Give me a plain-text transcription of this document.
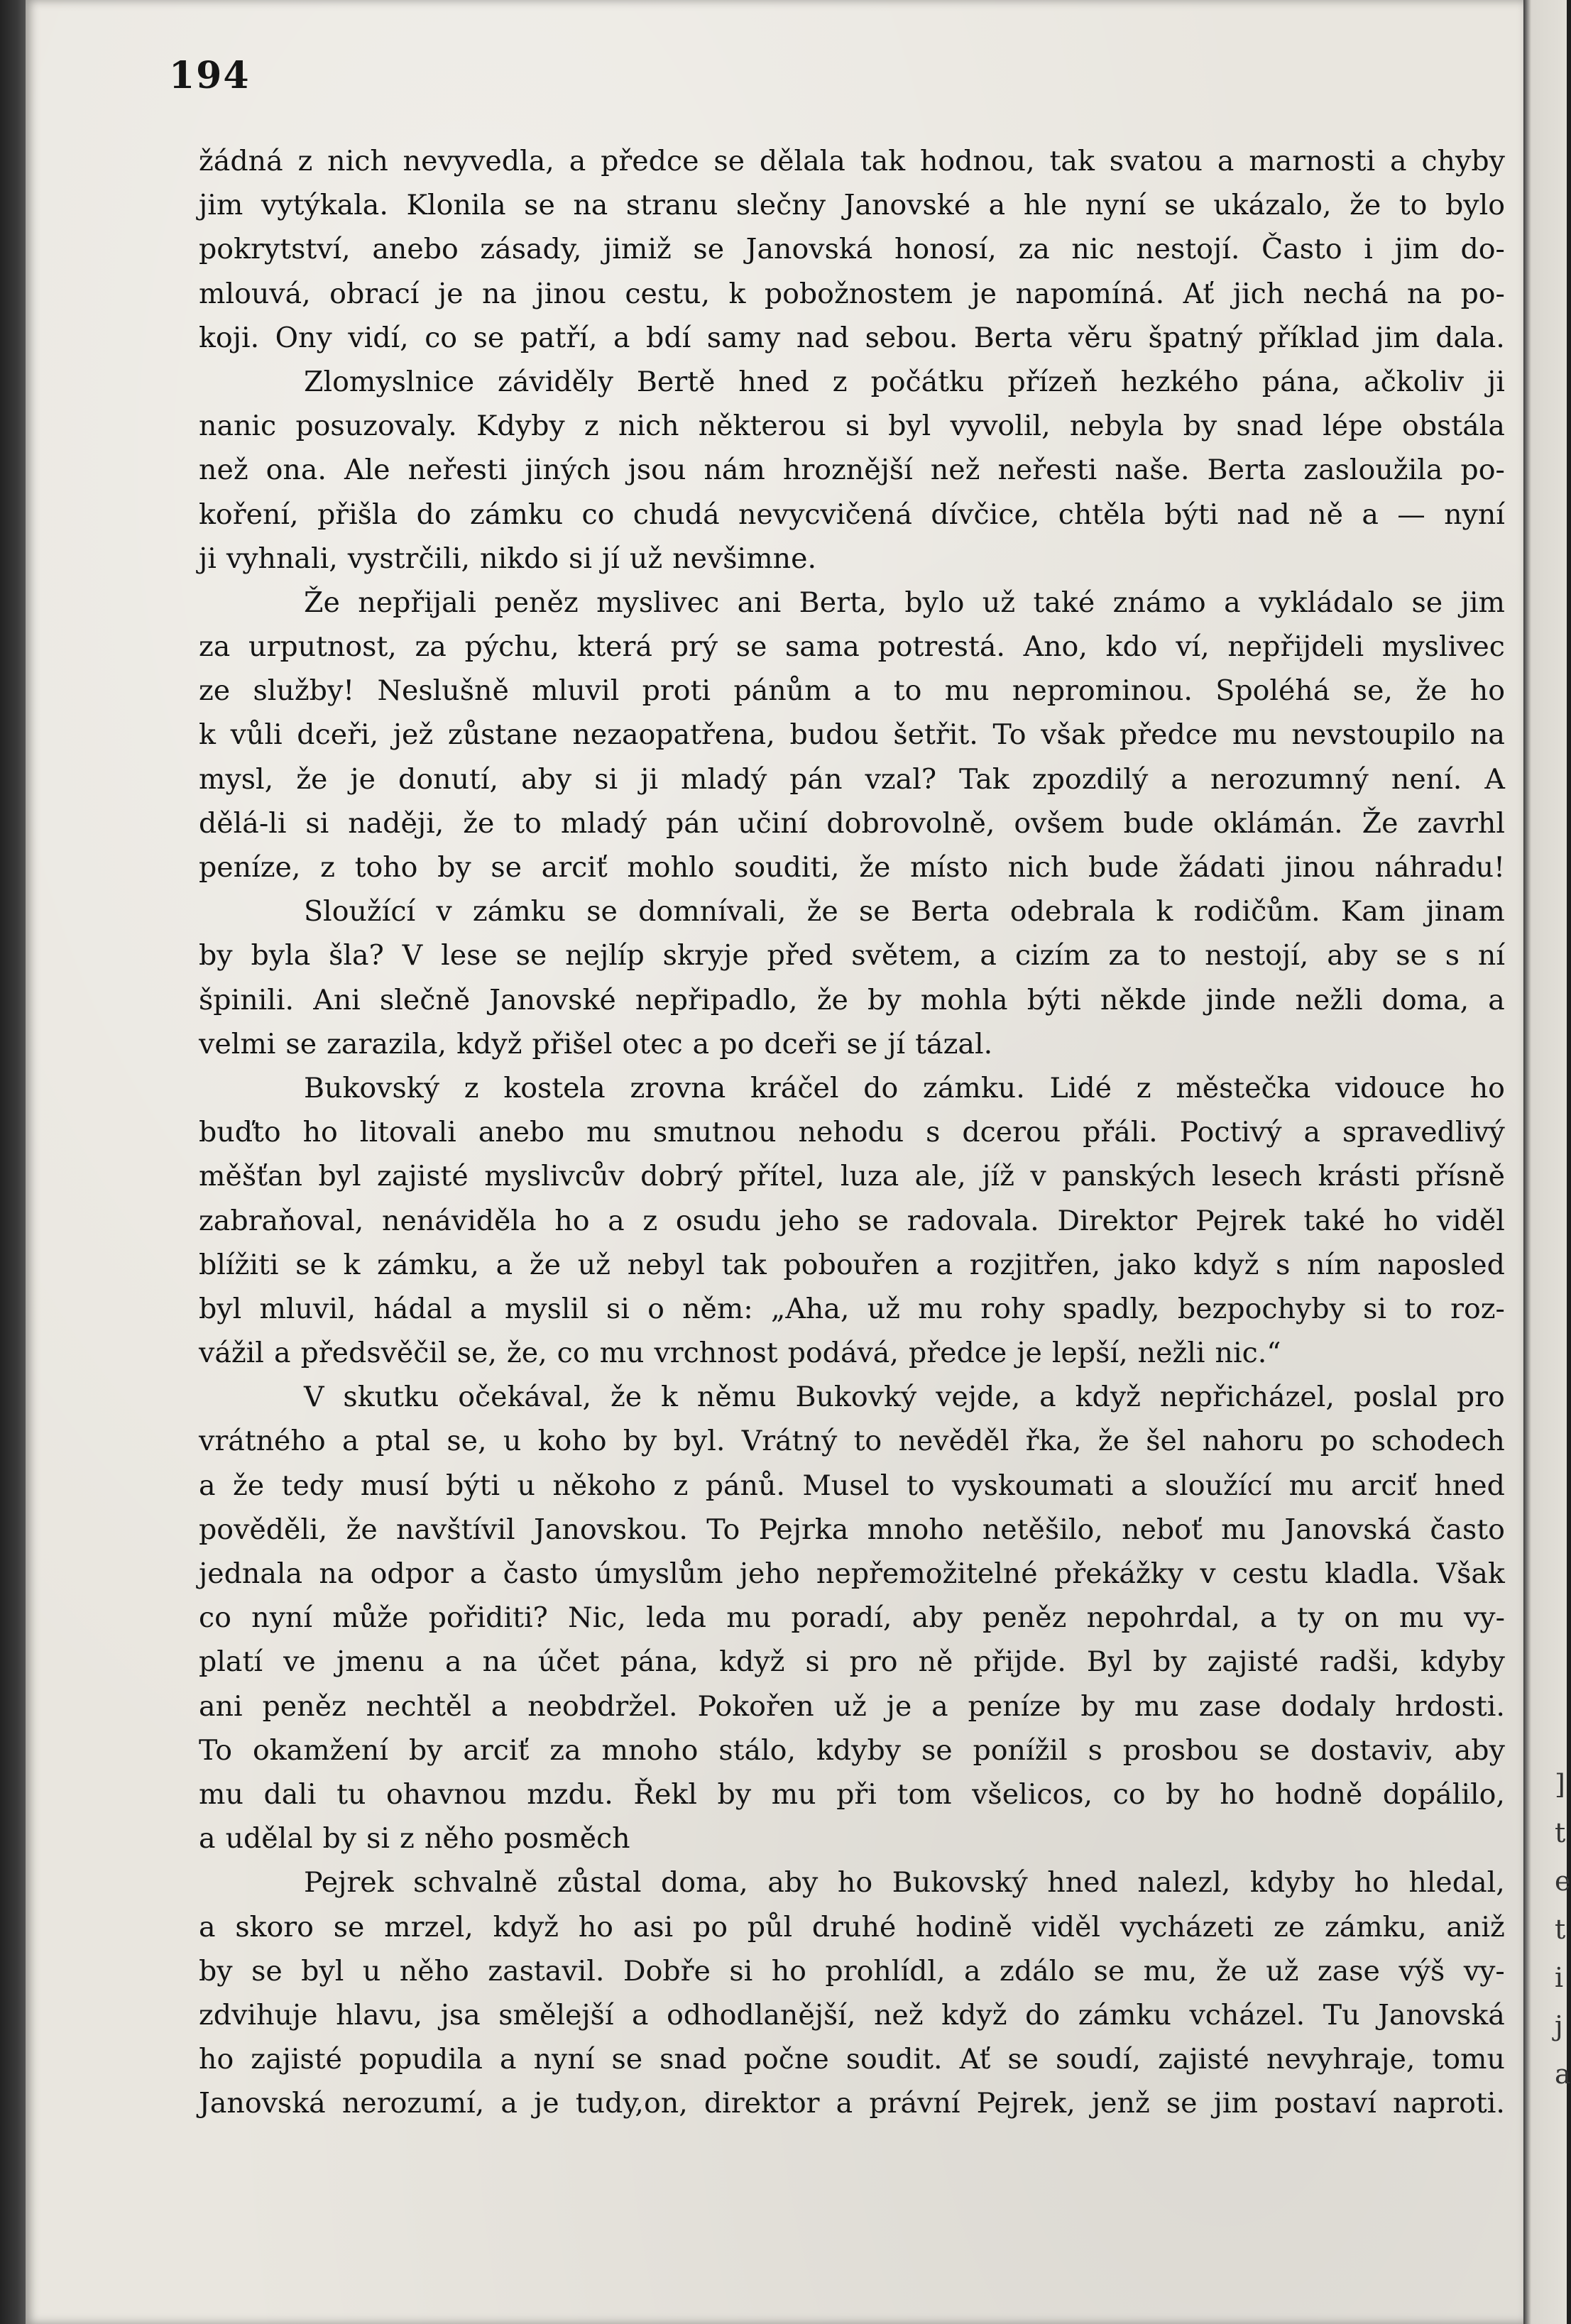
194
žádná z nich nevyvedla, a předce se dělala tak hodnou, tak svatou a marnosti a chyby
jim vytýkala. Klonila se na stranu slečny Janovské a hle nyní se ukázalo, že to bylo
pokrytství, anebo zásady, jimiž se Janovská honosí, za nic nestojí. Často i jim do-
mlouvá, obrací je na jinou cestu, k pobožnostem je napomíná. Ať jich nechá na po-
koji. Ony vidí, co se patří, a bdí samy nad sebou. Berta věru špatný příklad jim dala.
Zlomyslnice záviděly Bertě hned z počátku přízeň hezkého pána, ačkoliv ji
nanic posuzovaly. Kdyby z nich některou si byl vyvolil, nebyla by snad lépe obstála
než ona. Ale neřesti jiných jsou nám hroznější než neřesti naše. Berta zasloužila po-
koření, přišla do zámku co chudá nevycvičená dívčice, chtěla býti nad ně a — nyní
ji vyhnali, vystrčili, nikdo si jí už nevšimne.
Že nepřijali peněz myslivec ani Berta, bylo už také známo a vykládalo se jim
za urputnost, za pýchu, která prý se sama potrestá. Ano, kdo ví, nepřijdeli myslivec
ze služby! Neslušně mluvil proti pánům a to mu neprominou. Spoléhá se, že ho
k vůli dceři, jež zůstane nezaopatřena, budou šetřit. To však předce mu nevstoupilo na
mysl, že je donutí, aby si ji mladý pán vzal? Tak zpozdilý a nerozumný není. A
dělá-li si naději, že to mladý pán učiní dobrovolně, ovšem bude oklámán. Že zavrhl
peníze, z toho by se arciť mohlo souditi, že místo nich bude žádati jinou náhradu!
Sloužící v zámku se domnívali, že se Berta odebrala k rodičům. Kam jinam
by byla šla? V lese se nejlíp skryje před světem, a cizím za to nestojí, aby se s ní
špinili. Ani slečně Janovské nepřipadlo, že by mohla býti někde jinde nežli doma, a
velmi se zarazila, když přišel otec a po dceři se jí tázal.
Bukovský z kostela zrovna kráčel do zámku. Lidé z městečka vidouce ho
buďto ho litovali anebo mu smutnou nehodu s dcerou přáli. Poctivý a spravedlivý
měšťan byl zajisté myslivcův dobrý přítel, luza ale, jíž v panských lesech krásti přísně
zabraňoval, nenáviděla ho a z osudu jeho se radovala. Direktor Pejrek také ho viděl
blížiti se k zámku, a že už nebyl tak pobouřen a rozjitřen, jako když s ním naposled
byl mluvil, hádal a myslil si o něm: „Aha, už mu rohy spadly, bezpochyby si to roz-
vážil a předsvěčil se, že, co mu vrchnost podává, předce je lepší, nežli nic.“
V skutku očekával, že k němu Bukovký vejde, a když nepřicházel, poslal pro
vrátného a ptal se, u koho by byl. Vrátný to nevěděl řka, že šel nahoru po schodech
a že tedy musí býti u někoho z pánů. Musel to vyskoumati a sloužící mu arciť hned
pověděli, že navštívil Janovskou. To Pejrka mnoho netěšilo, neboť mu Janovská často
jednala na odpor a často úmyslům jeho nepřemožitelné překážky v cestu kladla. Však
co nyní může pořiditi? Nic, leda mu poradí, aby peněz nepohrdal, a ty on mu vy-
platí ve jmenu a na účet pána, když si pro ně přijde. Byl by zajisté radši, kdyby
ani peněz nechtěl a neobdržel. Pokořen už je a peníze by mu zase dodaly hrdosti.
To okamžení by arciť za mnoho stálo, kdyby se ponížil s prosbou se dostaviv, aby
mu dali tu ohavnou mzdu. Řekl by mu při tom všelicos, co by ho hodně dopálilo,
a udělal by si z něho posměch
Pejrek schvalně zůstal doma, aby ho Bukovský hned nalezl, kdyby ho hledal,
a skoro se mrzel, když ho asi po půl druhé hodině viděl vycházeti ze zámku, aniž
by se byl u něho zastavil. Dobře si ho prohlídl, a zdálo se mu, že už zase výš vy-
zdvihuje hlavu, jsa smělejší a odhodlanější, než když do zámku vcházel. Tu Janovská
ho zajisté popudila a nyní se snad počne soudit. Ať se soudí, zajisté nevyhraje, tomu
Janovská nerozumí, a je tudy,on, direktor a právní Pejrek, jenž se jim postaví naproti.
]
t
e
t
i
j
a
